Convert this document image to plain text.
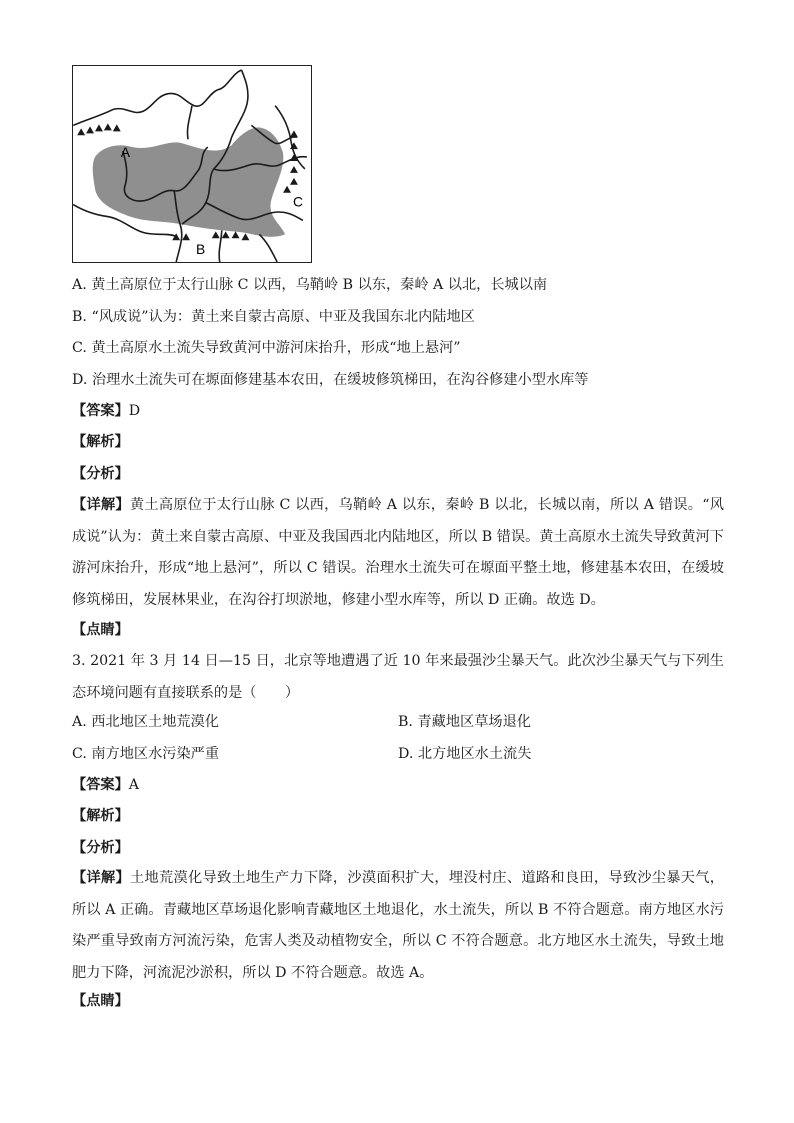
A
B
C
A. 黄土高原位于太行山脉 C 以西，乌鞘岭 B 以东，秦岭 A 以北，长城以南
B. “风成说”认为：黄土来自蒙古高原、中亚及我国东北内陆地区
C. 黄土高原水土流失导致黄河中游河床抬升，形成“地上悬河”
D. 治理水土流失可在塬面修建基本农田，在缓坡修筑梯田，在沟谷修建小型水库等
【答案】D
【解析】
【分析】
【详解】黄土高原位于太行山脉 C 以西，乌鞘岭 A 以东，秦岭 B 以北，长城以南，所以 A 错误。“风成说”认为：黄土来自蒙古高原、中亚及我国西北内陆地区，所以 B 错误。黄土高原水土流失导致黄河下游河床抬升，形成“地上悬河”，所以 C 错误。治理水土流失可在塬面平整土地，修建基本农田，在缓坡修筑梯田，发展林果业，在沟谷打坝淤地，修建小型水库等，所以 D 正确。故选 D。
【点睛】
3. 2021 年 3 月 14 日—15 日，北京等地遭遇了近 10 年来最强沙尘暴天气。此次沙尘暴天气与下列生态环境问题有直接联系的是（　　）
A. 西北地区土地荒漠化	B. 青藏地区草场退化
C. 南方地区水污染严重	D. 北方地区水土流失
【答案】A
【解析】
【分析】
【详解】土地荒漠化导致土地生产力下降，沙漠面积扩大，埋没村庄、道路和良田，导致沙尘暴天气，所以 A 正确。青藏地区草场退化影响青藏地区土地退化，水土流失，所以 B 不符合题意。南方地区水污染严重导致南方河流污染，危害人类及动植物安全，所以 C 不符合题意。北方地区水土流失，导致土地肥力下降，河流泥沙淤积，所以 D 不符合题意。故选 A。
【点睛】
